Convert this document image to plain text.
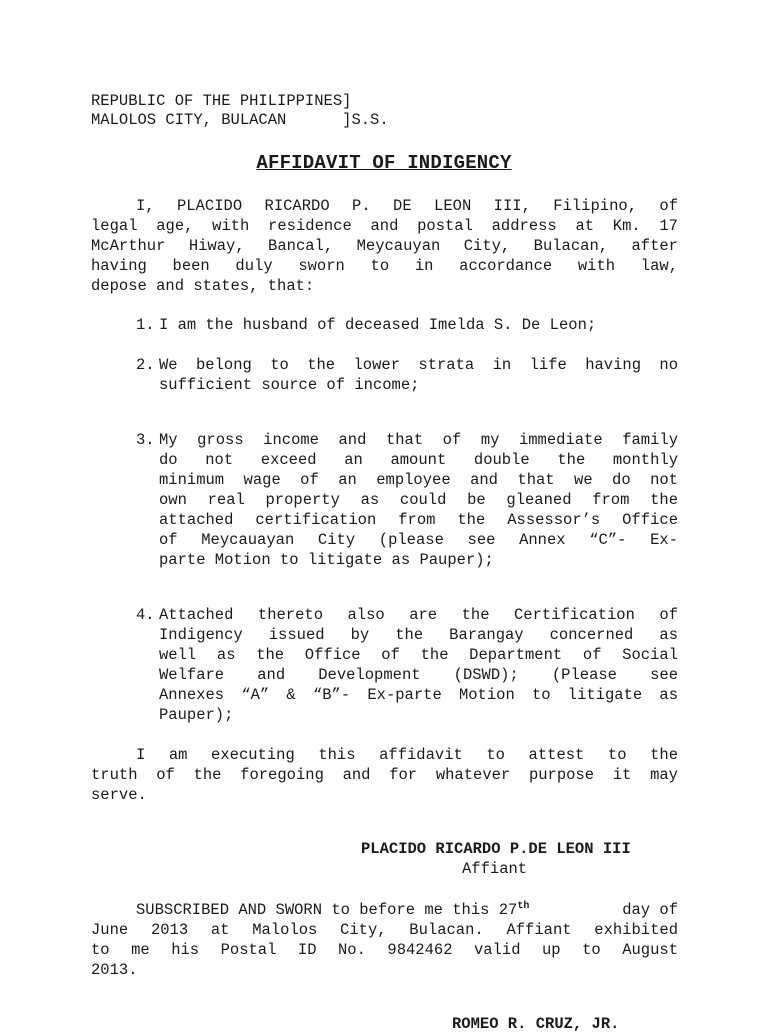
REPUBLIC OF THE PHILIPPINES]
MALOLOS CITY, BULACAN      ]S.S.
AFFIDAVIT OF INDIGENCY
I, PLACIDO RICARDO P. DE LEON III, Filipino, of
legal age, with residence and postal address at Km. 17
McArthur Hiway, Bancal, Meycauyan City, Bulacan, after
having been duly sworn to in accordance with law,
depose and states, that:
1. I am the husband of deceased Imelda S. De Leon;
2. We belong to the lower strata in life having no
sufficient source of income;
3. My gross income and that of my immediate family
do not exceed an amount double the monthly
minimum wage of an employee and that we do not
own real property as could be gleaned from the
attached certification from the Assessor’s Office
of Meycauayan City (please see Annex “C”- Ex-
parte Motion to litigate as Pauper);
4. Attached thereto also are the Certification of
Indigency issued by the Barangay concerned as
well as the Office of the Department of Social
Welfare and Development (DSWD); (Please see
Annexes “A” & “B”- Ex-parte Motion to litigate as
Pauper);
I am executing this affidavit to attest to the
truth of the foregoing and for whatever purpose it may
serve.
PLACIDO RICARDO P.DE LEON III
Affiant
SUBSCRIBED AND SWORN to before me this 27th	day of
June 2013 at Malolos City, Bulacan. Affiant exhibited
to me his Postal ID No. 9842462 valid up to August
2013.
ROMEO R. CRUZ, JR.
